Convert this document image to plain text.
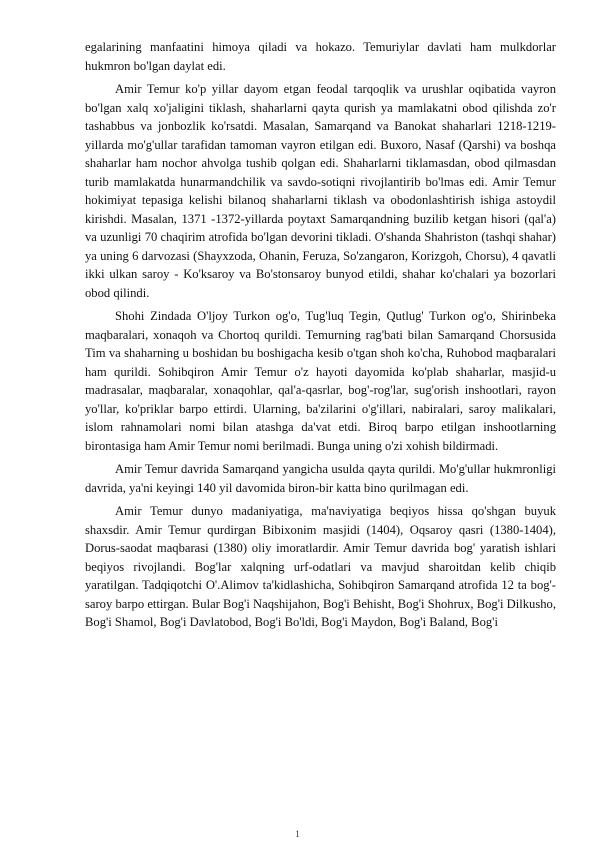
egalarining manfaatini himoya qiladi va hokazo. Temuriylar davlati ham mulkdorlar hukmron bo'lgan daylat edi.

Amir Temur ko'p yillar dayom etgan feodal tarqoqlik va urushlar oqibatida vayron bo'lgan xalq xo'jaligini tiklash, shaharlarni qayta qurish ya mamlakatni obod qilishda zo'r tashabbus va jonbozlik ko'rsatdi. Masalan, Samarqand va Banokat shaharlari 1218-1219-yillarda mo'g'ullar tarafidan tamoman vayron etilgan edi. Buxoro, Nasaf (Qarshi) va boshqa shaharlar ham nochor ahvolga tushib qolgan edi. Shaharlarni tiklamasdan, obod qilmasdan turib mamlakatda hunarmandchilik va savdo-sotiqni rivojlantirib bo'lmas edi. Amir Temur hokimiyat tepasiga kelishi bilanoq shaharlarni tiklash va obodonlashtirish ishiga astoydil kirishdi. Masalan, 1371 -1372-yillarda poytaxt Samarqandning buzilib ketgan hisori (qal'a) va uzunligi 70 chaqirim atrofida bo'lgan devorini tikladi. O'shanda Shahriston (tashqi shahar) ya uning 6 darvozasi (Shayxzoda, Ohanin, Feruza, So'zangaron, Korizgoh, Chorsu), 4 qavatli ikki ulkan saroy - Ko'ksaroy va Bo'stonsaroy bunyod etildi, shahar ko'chalari ya bozorlari obod qilindi.

Shohi Zindada O'ljoy Turkon og'o, Tug'luq Tegin, Qutlug' Turkon og'o, Shirinbeka maqbaralari, xonaqoh va Chortoq qurildi. Temurning rag'bati bilan Samarqand Chorsusida Tim va shaharning u boshidan bu boshigacha kesib o'tgan shoh ko'cha, Ruhobod maqbaralari ham qurildi. Sohibqiron Amir Temur o'z hayoti dayomida ko'plab shaharlar, masjid-u madrasalar, maqbaralar, xonaqohlar, qal'a-qasrlar, bog'-rog'lar, sug'orish inshootlari, rayon yo'llar, ko'priklar barpo ettirdi. Ularning, ba'zilarini o'g'illari, nabiralari, saroy malikalari, islom rahnamolari nomi bilan atashga da'vat etdi. Biroq barpo etilgan inshootlarning birontasiga ham Amir Temur nomi berilmadi. Bunga uning o'zi xohish bildirmadi.

Amir Temur davrida Samarqand yangicha usulda qayta qurildi. Mo'g'ullar hukmronligi davrida, ya'ni keyingi 140 yil davomida biron-bir katta bino qurilmagan edi.

Amir Temur dunyo madaniyatiga, ma'naviyatiga beqiyos hissa qo'shgan buyuk shaxsdir. Amir Temur qurdirgan Bibixonim masjidi (1404), Oqsaroy qasri (1380-1404), Dorus-saodat maqbarasi (1380) oliy imoratlardir. Amir Temur davrida bog' yaratish ishlari beqiyos rivojlandi. Bog'lar xalqning urf-odatlari va mavjud sharoitdan kelib chiqib yaratilgan. Tadqiqotchi O'.Alimov ta'kidlashicha, Sohibqiron Samarqand atrofida 12 ta bog'-saroy barpo ettirgan. Bular Bog'i Naqshijahon, Bog'i Behisht, Bog'i Shohrux, Bog'i Dilkusho, Bog'i Shamol, Bog'i Davlatobod, Bog'i Bo'ldi, Bog'i Maydon, Bog'i Baland, Bog'i

1
